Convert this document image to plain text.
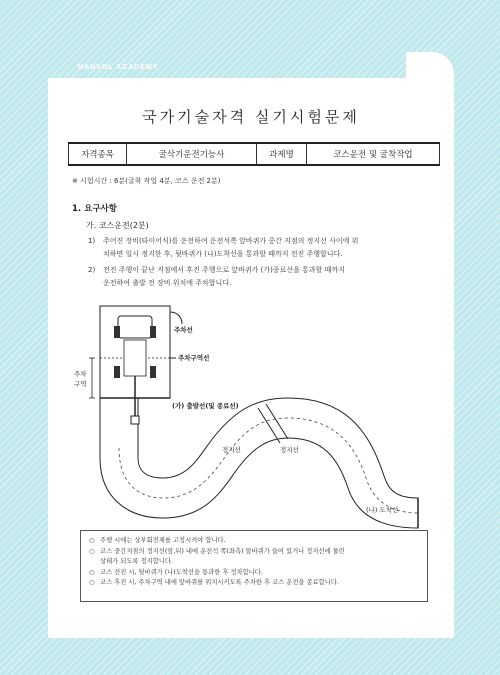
HANSOL ACADEMY
국가기술자격 실기시험문제
자격종목	굴삭기운전기능사	과제명	코스운전 및 굴착작업
※ 시험시간 : 6분(굴착 작업 4분, 코스 운전 2분)
1. 요구사항
가. 코스운전(2분)
1) 주어진 장비(타이어식)를 운전하여 운전석쪽 앞바퀴가 중간 지점의 정지선 사이에 위
치하면 일시 정지한 후, 뒷바퀴가 (나)도착선을 통과할 때까지 전진 주행합니다.
2) 전진 주행이 끝난 지점에서 후진 주행으로 앞바퀴가 (가)종료선을 통과할 때까지
운전하여 출발 전 장비 위치에 주차합니다.
주차선
주차구역선
주차
구역
(가) 출발선(및 종료선)
정지선	정지선
(나) 도착선
○ 주행 시에는 상부회전체를 고정시켜야 합니다.
○ 코스 중간지점의 정지선(앞,뒤) 내에 운전석 쪽(좌측) 앞바퀴가 들어 있거나 정지선에 물린
상태가 되도록 정지합니다.
○ 코스 전진 시, 뒷바퀴가 (나)도착선을 통과한 후 정차합니다.
○ 코스 후진 시, 주차구역 내에 앞바퀴를 위치시키도록 주차한 후 코스 운전을 종료합니다.
